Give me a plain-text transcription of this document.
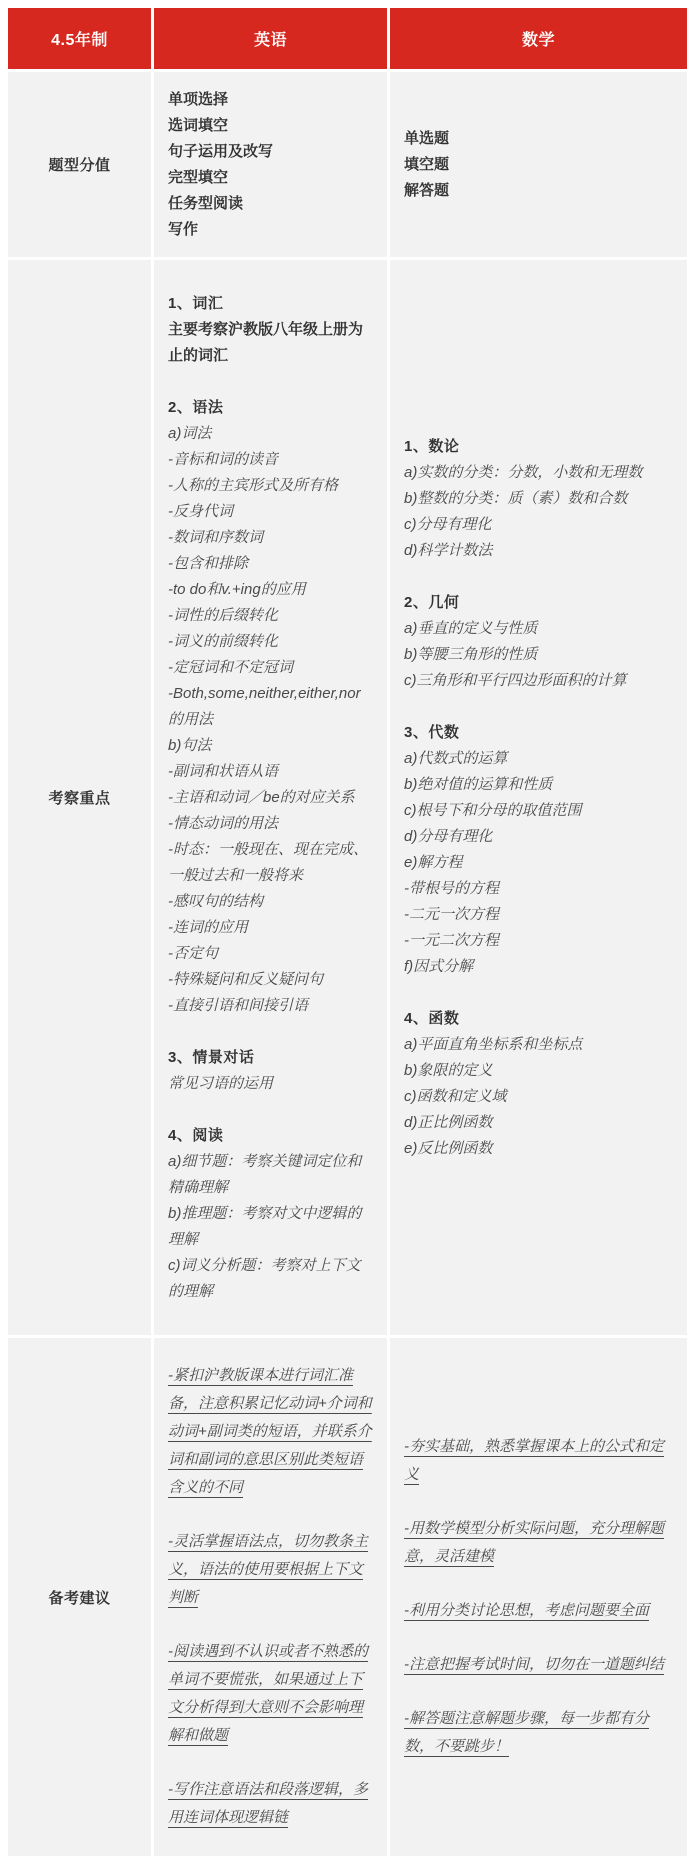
4.5年制	英语	数学
题型分值

单项选择

选词填空

句子运用及改写

完型填空

任务型阅读

写作

单选题

填空题

解答题

考察重点

1、词汇

主要考察沪教版八年级上册为止的词汇

2、语法

a)词法

-音标和词的读音

-人称的主宾形式及所有格

-反身代词

-数词和序数词

-包含和排除

-to do和v.+ing的应用

-词性的后缀转化

-词义的前缀转化

-定冠词和不定冠词

-Both,some,neither,either,nor的用法

b)句法

-副词和状语从语

-主语和动词／be的对应关系

-情态动词的用法

-时态：一般现在、现在完成、一般过去和一般将来

-感叹句的结构

-连词的应用

-否定句

-特殊疑问和反义疑问句

-直接引语和间接引语

3、情景对话

常见习语的运用

4、阅读

a)细节题：考察关键词定位和精确理解

b)推理题：考察对文中逻辑的理解

c)词义分析题：考察对上下文的理解

1、数论

a)实数的分类：分数，小数和无理数

b)整数的分类：质（素）数和合数

c)分母有理化

d)科学计数法

2、几何

a)垂直的定义与性质

b)等腰三角形的性质

c)三角形和平行四边形面积的计算

3、代数

a)代数式的运算

b)绝对值的运算和性质

c)根号下和分母的取值范围

d)分母有理化

e)解方程

-带根号的方程

-二元一次方程

-一元二次方程

f)因式分解

4、函数

a)平面直角坐标系和坐标点

b)象限的定义

c)函数和定义域

d)正比例函数

e)反比例函数

备考建议

-紧扣沪教版课本进行词汇准备，注意积累记忆动词+介词和动词+副词类的短语，并联系介词和副词的意思区别此类短语含义的不同

-灵活掌握语法点，切勿教条主义，语法的使用要根据上下文判断

-阅读遇到不认识或者不熟悉的单词不要慌张，如果通过上下文分析得到大意则不会影响理解和做题

-写作注意语法和段落逻辑，多用连词体现逻辑链

-夯实基础，熟悉掌握课本上的公式和定义

-用数学模型分析实际问题，充分理解题意，灵活建模

-利用分类讨论思想，考虑问题要全面

-注意把握考试时间，切勿在一道题纠结

-解答题注意解题步骤，每一步都有分数，不要跳步！
